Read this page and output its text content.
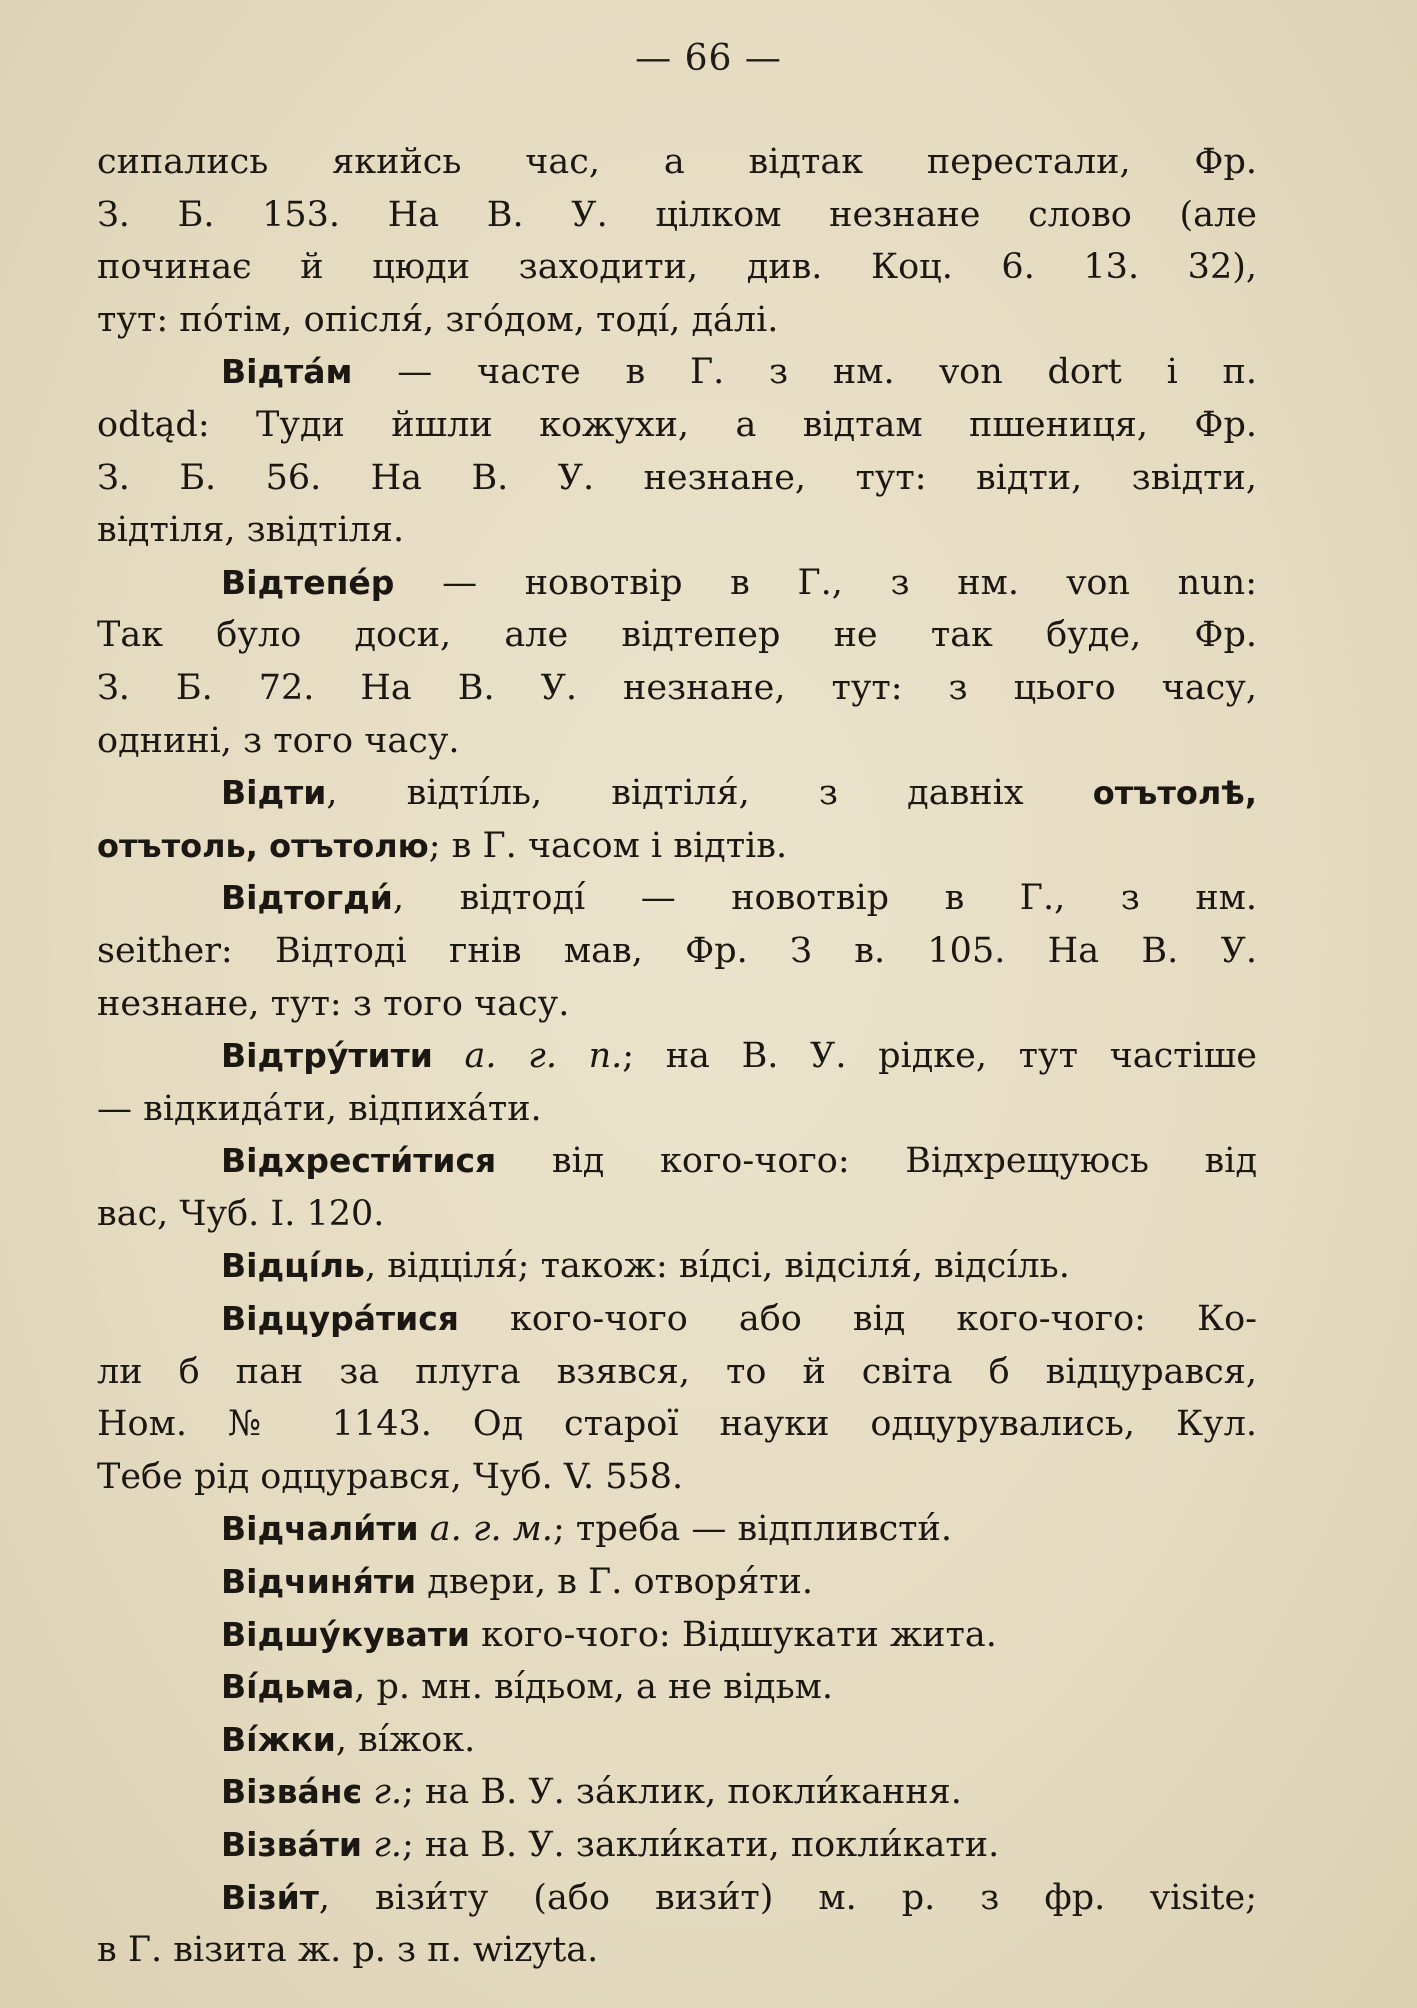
— 66 —
сипались якийсь час, а відтак перестали, Фр.
З. Б. 153. На В. У. цілком незнане слово (але
починає й цюди заходити, див. Коц. 6. 13. 32),
тут: по́тім, опісля́, зго́дом, тоді́, да́лі.
Відта́м — часте в Г. з нм. von dort і п.
odtąd: Туди йшли кожухи, а відтам пшениця, Фр.
З. Б. 56. На В. У. незнане, тут: відти, звідти,
відтіля, звідтіля.
Відтепе́р — новотвір в Г., з нм. von nun:
Так було доси, але відтепер не так буде, Фр.
З. Б. 72. На В. У. незнане, тут: з цього часу,
однині, з того часу.
Відти, відті́ль, відтіля́, з давніх отътолѣ,
отътоль, отътолю; в Г. часом і відтів.
Відтогди́, відтоді́ — новотвір в Г., з нм.
seither: Відтоді гнів мав, Фр. З в. 105. На В. У.
незнане, тут: з того часу.
Відтру́тити а. г. п.; на В. У. рідке, тут частіше
— відкида́ти, відпиха́ти.
Відхрести́тися від кого-чого: Відхрещуюсь від
вас, Чуб. І. 120.
Відці́ль, відціля́; також: ві́дсі, відсіля́, відсі́ль.
Відцура́тися кого-чого або від кого-чого: Ко-
ли б пан за плуга взявся, то й світа б відцурався,
Ном. № 1143. Од старої науки одцурувались, Кул.
Тебе рід одцурався, Чуб. V. 558.
Відчали́ти а. г. м.; треба — відпливсти́.
Відчиня́ти двери, в Г. отворя́ти.
Відшу́кувати кого-чого: Відшукати жита.
Ві́дьма, р. мн. ві́дьом, а не відьм.
Ві́жки, ві́жок.
Візва́нє г.; на В. У. за́клик, покли́кання.
Візва́ти г.; на В. У. закли́кати, покли́кати.
Візи́т, візи́ту (або визи́т) м. р. з фр. visite;
в Г. візита ж. р. з п. wizyta.
